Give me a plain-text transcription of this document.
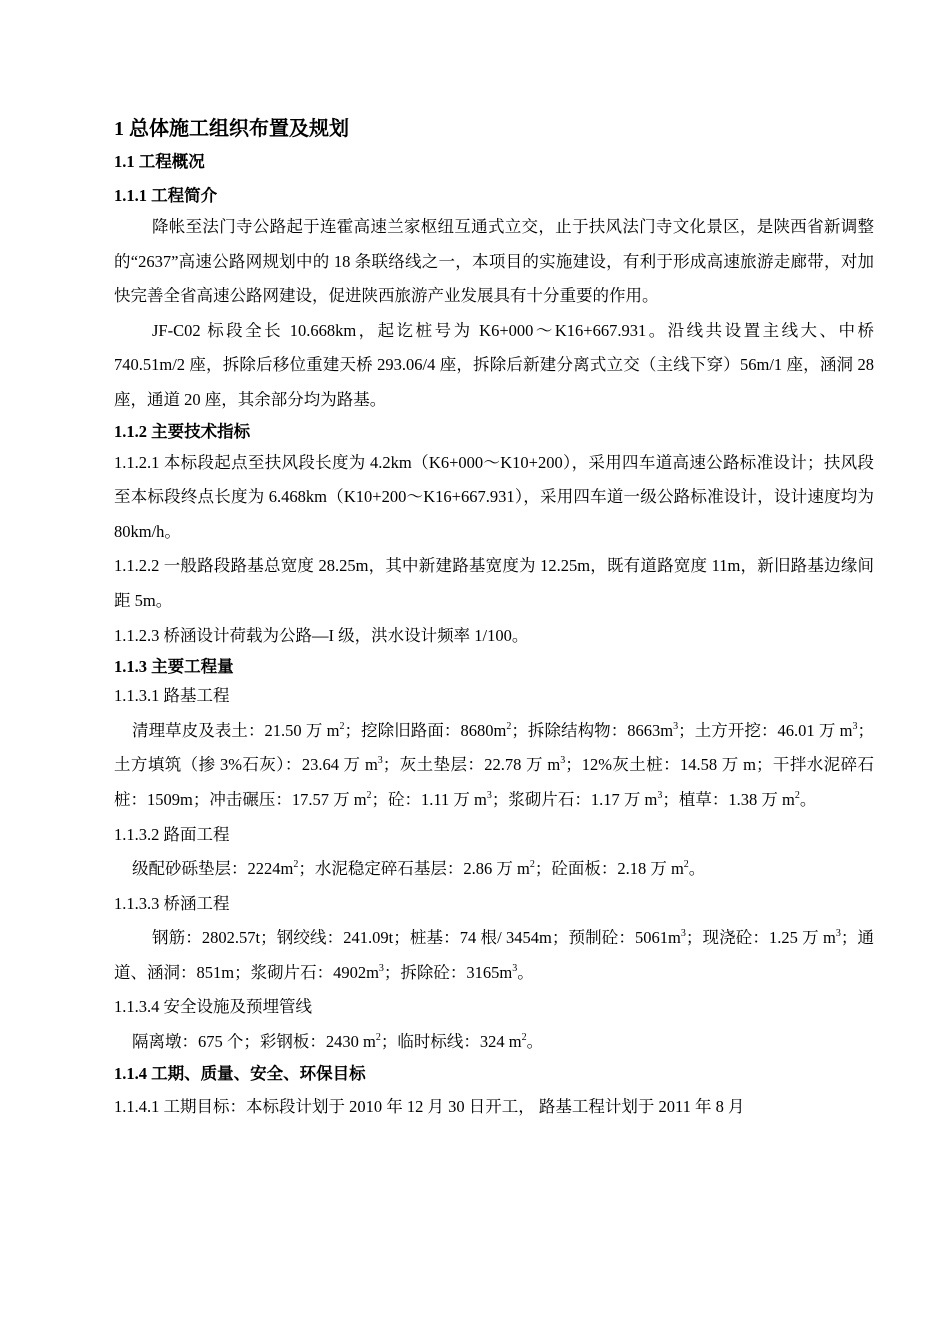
1 总体施工组织布置及规划
1.1 工程概况
1.1.1 工程简介

降帐至法门寺公路起于连霍高速兰家枢纽互通式立交，止于扶风法门寺文化景区，是陕西省新调整的“2637”高速公路网规划中的 18 条联络线之一，本项目的实施建设，有利于形成高速旅游走廊带，对加快完善全省高速公路网建设，促进陕西旅游产业发展具有十分重要的作用。

JF-C02 标段全长 10.668km，起讫桩号为 K6+000～K16+667.931。沿线共设置主线大、中桥 740.51m/2 座，拆除后移位重建天桥 293.06/4 座，拆除后新建分离式立交（主线下穿）56m/1 座，涵洞 28 座，通道 20 座，其余部分均为路基。

1.1.2 主要技术指标

1.1.2.1 本标段起点至扶风段长度为 4.2km（K6+000～K10+200），采用四车道高速公路标准设计；扶风段至本标段终点长度为 6.468km（K10+200～K16+667.931），采用四车道一级公路标准设计，设计速度均为 80km/h。

1.1.2.2 一般路段路基总宽度 28.25m，其中新建路基宽度为 12.25m，既有道路宽度 11m，新旧路基边缘间距 5m。

1.1.2.3 桥涵设计荷载为公路—I 级，洪水设计频率 1/100。

1.1.3 主要工程量

1.1.3.1 路基工程

清理草皮及表土：21.50 万 $m^2$；挖除旧路面：$8680m^2$；拆除结构物：$8663m^3$；土方开挖：46.01 万 $m^3$；土方填筑（掺 3%石灰）：23.64 万 $m^3$；灰土垫层：22.78 万 $m^3$；12%灰土桩：14.58 万 m；干拌水泥碎石桩：1509m；冲击碾压：17.57 万 $m^2$；砼：1.11 万 $m^3$；浆砌片石：1.17 万 $m^3$；植草：1.38 万 $m^2$。

1.1.3.2 路面工程

级配砂砾垫层：$2224m^2$；水泥稳定碎石基层：2.86 万 $m^2$；砼面板：2.18 万 $m^2$。

1.1.3.3 桥涵工程

钢筋：2802.57t；钢绞线：241.09t；桩基：74 根/ 3454m；预制砼：$5061m^3$；现浇砼：1.25 万 $m^3$；通道、涵洞：851m；浆砌片石：$4902m^3$；拆除砼：$3165m^3$。

1.1.3.4 安全设施及预埋管线

隔离墩：675 个；彩钢板：2430 $m^2$；临时标线：324 $m^2$。

1.1.4 工期、质量、安全、环保目标

1.1.4.1 工期目标：本标段计划于 2010 年 12 月 30 日开工， 路基工程计划于 2011 年 8 月
